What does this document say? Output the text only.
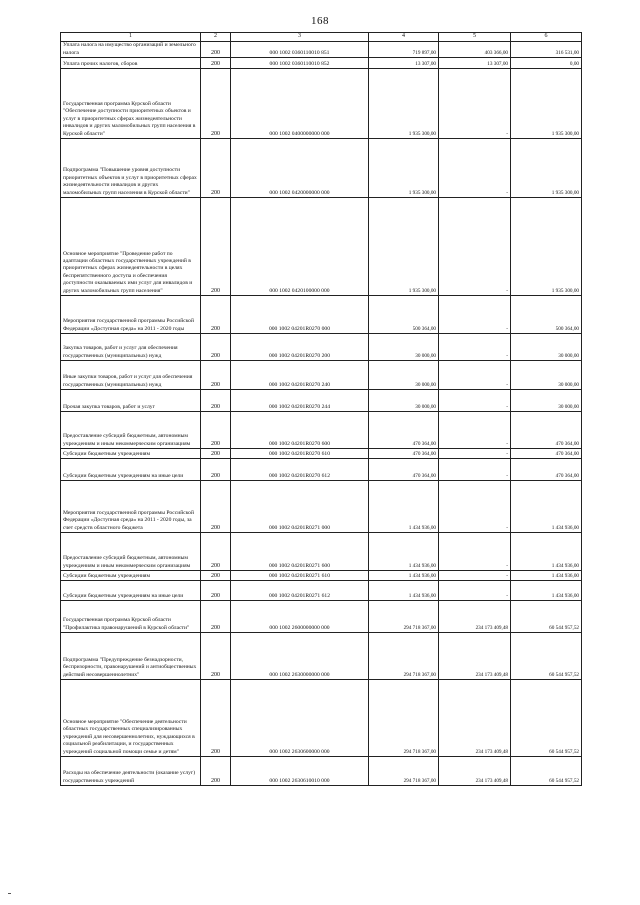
168
1	2	3	4	5	6
Уплата налога на имущество организаций и земельного налога	200	000 1002 0360110010 851	719 897,00	403 366,00	316 531,00
Уплата прочих налогов, сборов	200	000 1002 0360110010 852	13 307,00	13 307,00	0,00
Государственная программа Курской области "Обеспечение доступности приоритетных объектов и услуг в приоритетных сферах жизнедеятельности инвалидов и других маломобильных групп населения в Курской области"	200	000 1002 0400000000 000	1 935 300,00	-	1 935 300,00
Подпрограмма "Повышение уровня доступности приоритетных объектов и услуг в приоритетных сферах жизнедеятельности инвалидов и других маломобильных групп населения в Курской области"	200	000 1002 0420000000 000	1 935 300,00	-	1 935 300,00
Основное мероприятие "Проведение работ по адаптации областных государственных учреждений в приоритетных сферах жизнедеятельности в целях беспрепятственного доступа и обеспечения доступности оказываемых ими услуг для инвалидов и других маломобильных групп населения"	200	000 1002 0420100000 000	1 935 300,00	-	1 935 300,00
Мероприятия государственной программы Российской Федерации «Доступная среда» на 2011 - 2020 годы	200	000 1002 04201R0270 000	500 364,00	-	500 364,00
Закупка товаров, работ и услуг для обеспечения государственных (муниципальных) нужд	200	000 1002 04201R0270 200	30 000,00	-	30 000,00
Иные закупки товаров, работ и услуг для обеспечения государственных (муниципальных) нужд	200	000 1002 04201R0270 240	30 000,00	-	30 000,00
Прочая закупка товаров, работ и услуг	200	000 1002 04201R0270 244	30 000,00	-	30 000,00
Предоставление субсидий бюджетным, автономным учреждениям и иным некоммерческим организациям	200	000 1002 04201R0270 600	470 364,00	-	470 364,00
Субсидии бюджетным учреждениям	200	000 1002 04201R0270 610	470 364,00	-	470 364,00
Субсидии бюджетным учреждениям на иные цели	200	000 1002 04201R0270 612	470 364,00	-	470 364,00
Мероприятия государственной программы Российской Федерации «Доступная среда» на 2011 - 2020 годы, за счет средств областного бюджета	200	000 1002 04201R0271 000	1 434 936,00	-	1 434 936,00
Предоставление субсидий бюджетным, автономным учреждениям и иным некоммерческим организациям	200	000 1002 04201R0271 600	1 434 936,00	-	1 434 936,00
Субсидии бюджетным учреждениям	200	000 1002 04201R0271 610	1 434 936,00	-	1 434 936,00
Субсидии бюджетным учреждениям на иные цели	200	000 1002 04201R0271 612	1 434 936,00	-	1 434 936,00
Государственная программа Курской области "Профилактика правонарушений в Курской области"	200	000 1002 2600000000 000	294 718 367,00	234 173 409,48	60 544 957,52
Подпрограмма "Предупреждение безнадзорности, беспризорности, правонарушений и антиобщественных действий несовершеннолетних"	200	000 1002 2630000000 000	294 718 367,00	234 173 409,48	60 544 957,52
Основное мероприятие "Обеспечение деятельности областных государственных специализированных учреждений для несовершеннолетних, нуждающихся в социальной реабилитации, и государственных учреждений социальной помощи семье и детям"	200	000 1002 2630600000 000	294 718 367,00	234 173 409,48	60 544 957,52
Расходы на обеспечение деятельности (оказание услуг) государственных учреждений	200	000 1002 2630610010 000	294 718 367,00	234 173 409,48	60 544 957,52
